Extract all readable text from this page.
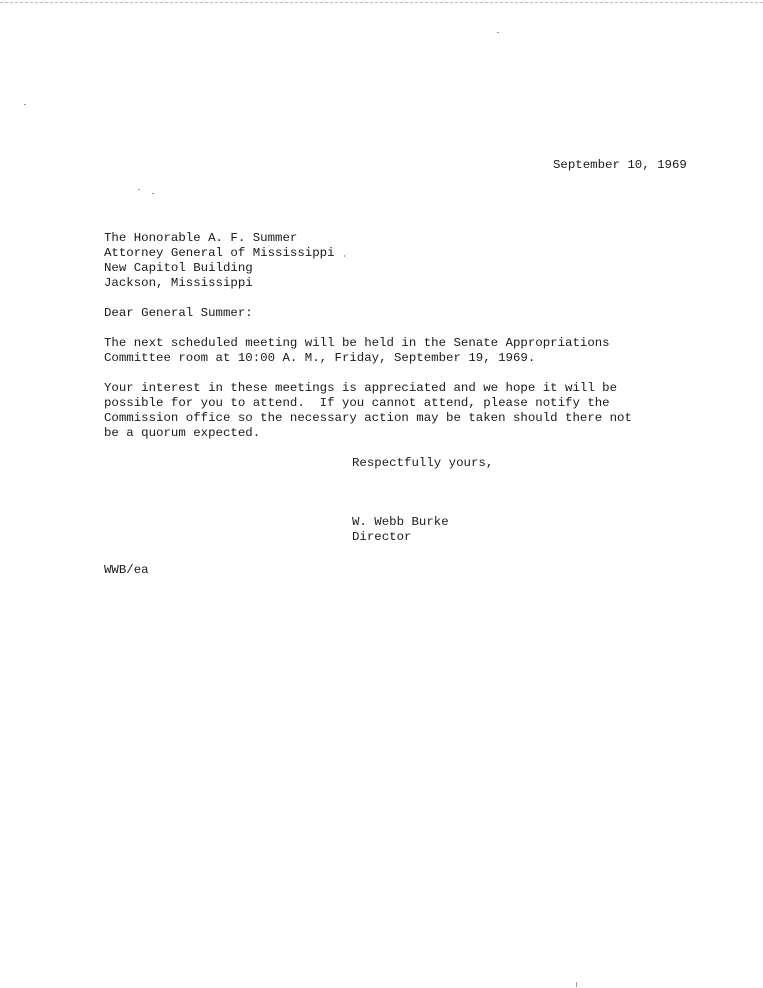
September 10, 1969
The Honorable A. F. Summer
Attorney General of Mississippi
New Capitol Building
Jackson, Mississippi
Dear General Summer:
The next scheduled meeting will be held in the Senate Appropriations
Committee room at 10:00 A. M., Friday, September 19, 1969.
Your interest in these meetings is appreciated and we hope it will be
possible for you to attend.  If you cannot attend, please notify the
Commission office so the necessary action may be taken should there not
be a quorum expected.
Respectfully yours,
W. Webb Burke
Director
WWB/ea
